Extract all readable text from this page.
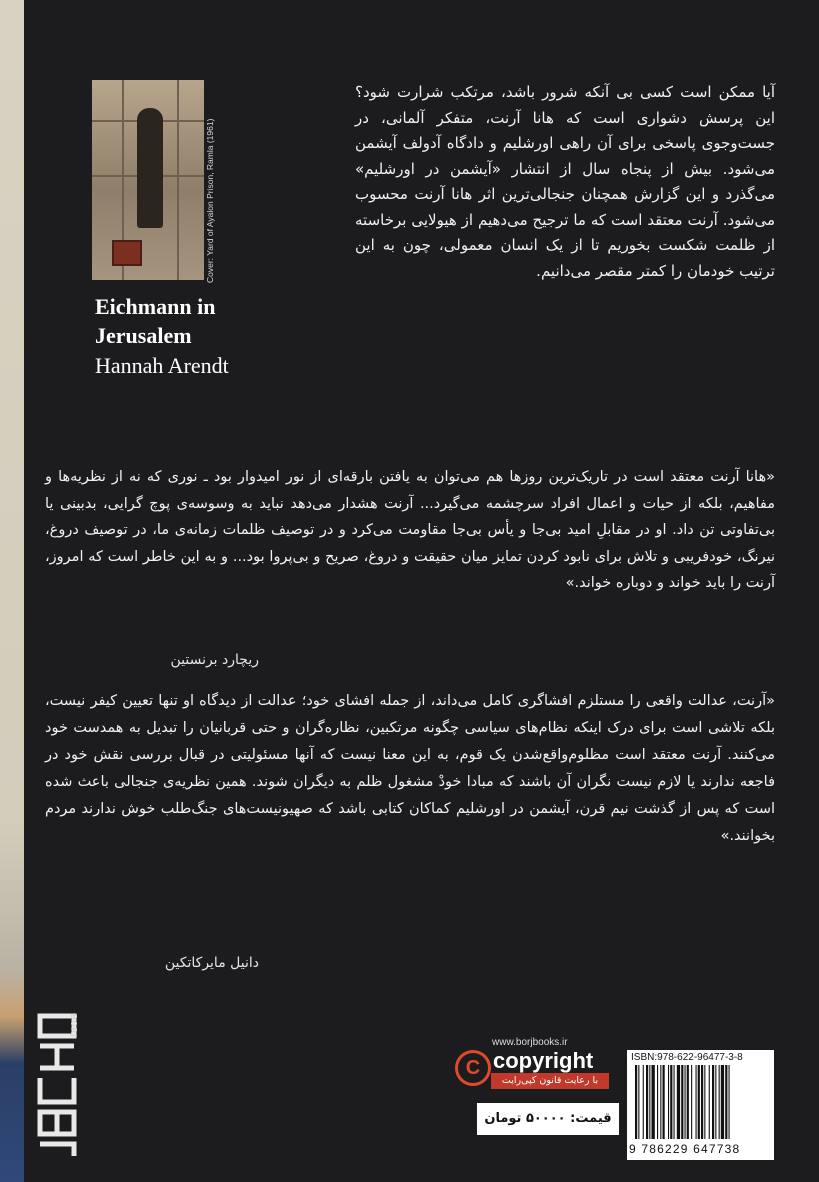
Cover: Yard of Ayalon Prison, Ramla (1961)
Eichmann in
Jerusalem
Hannah Arendt
آیا ممکن است کسی بی آنکه شرور باشد، مرتکب شرارت شود؟ این پرسش دشواری است که هانا آرنت، متفکر آلمانی، در جست‌وجوی پاسخی برای آن راهی اورشلیم و دادگاه آدولف آیشمن می‌شود. بیش از پنجاه سال از انتشار «آیشمن در اورشلیم» می‌گذرد و این گزارش همچنان جنجالی‌ترین اثر هانا آرنت محسوب می‌شود. آرنت معتقد است که ما ترجیح می‌دهیم از هیولایی برخاسته از ظلمت شکست بخوریم تا از یک انسان معمولی، چون به این ترتیب خودمان را کمتر مقصر می‌دانیم.
«هانا آرنت معتقد است در تاریک‌ترین روزها هم می‌توان به یافتن بارقه‌ای از نور امیدوار بود ـ نوری که نه از نظریه‌ها و مفاهیم، بلکه از حیات و اعمال افراد سرچشمه می‌گیرد... آرنت هشدار می‌دهد نباید به وسوسه‌ی پوچ گرایی، بدبینی یا بی‌تفاوتی تن داد. او در مقابلِ امید بی‌جا و یأس بی‌جا مقاومت می‌کرد و در توصیف ظلمات زمانه‌ی ما، در توصیف دروغ، نیرنگ، خودفریبی و تلاش برای نابود کردن تمایز میان حقیقت و دروغ، صریح و بی‌پروا بود... و به این خاطر است که امروز، آرنت را باید خواند و دوباره خواند.»
ریچارد برنستین
«آرنت، عدالت واقعی را مستلزم افشاگری کامل می‌داند، از جمله افشای خود؛ عدالت از دیدگاه او تنها تعیین کیفر نیست، بلکه تلاشی است برای درک اینکه نظام‌های سیاسی چگونه مرتکبین، نظاره‌گران و حتی قربانیان را تبدیل به همدست خود می‌کنند. آرنت معتقد است مظلوم‌واقع‌شدن یک قوم، به این معنا نیست که آنها مسئولیتی در قبال بررسی نقش خود در فاجعه ندارند یا لازم نیست نگران آن باشند که مبادا خودْ مشغول ظلم به دیگران شوند. همین نظریه‌ی جنجالی باعث شده است که پس از گذشت نیم قرن، آیشمن در اورشلیم کماکان کتابی باشد که صهیونیست‌های جنگ‌طلب خوش ندارند مردم بخوانند.»
دانیل مایرکاتکین
BORJ
www.borjbooks.ir
C copyright
با رعایت قانون کپی‌رایت
قیمت: ۵۰۰۰۰ تومان
ISBN:978-622-96477-3-8
9 786229 647738
